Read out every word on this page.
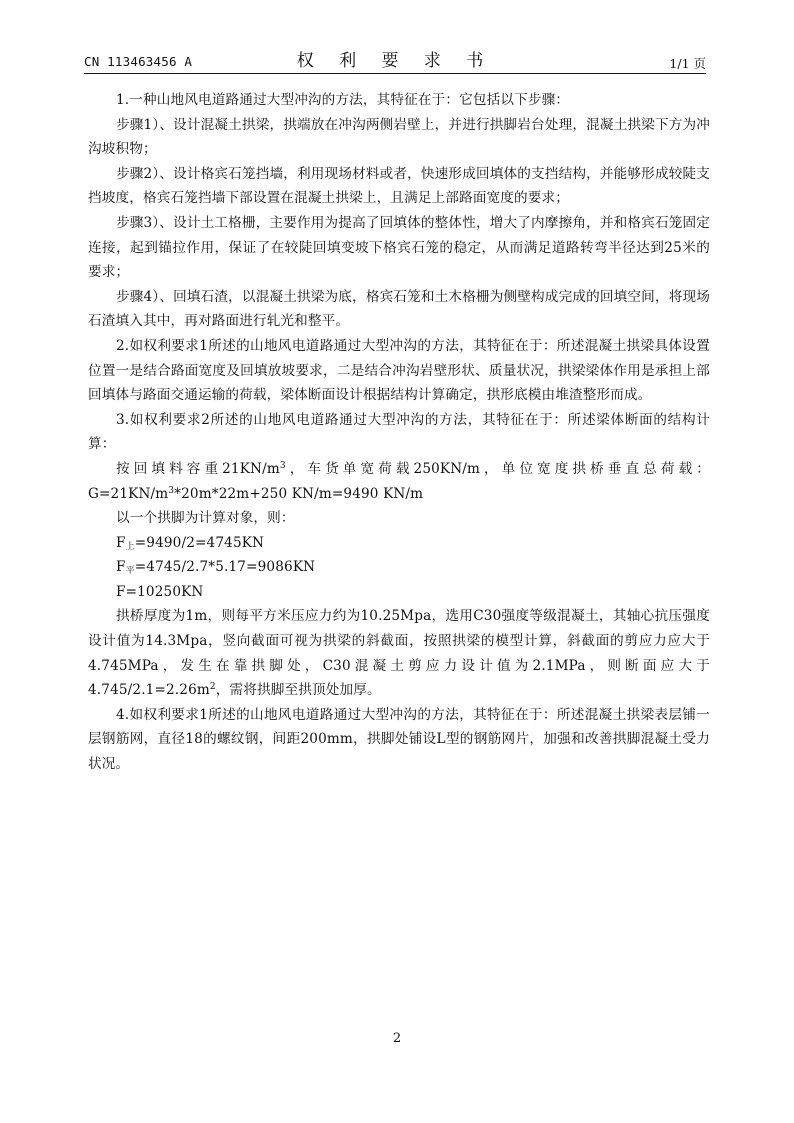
CN 113463456 A	权 利 要 求 书	1/1 页

1.一种山地风电道路通过大型冲沟的方法，其特征在于：它包括以下步骤：

步骤1）、设计混凝土拱梁，拱端放在冲沟两侧岩壁上，并进行拱脚岩台处理，混凝土拱梁下方为冲沟坡积物；

步骤2）、设计格宾石笼挡墙，利用现场材料或者，快速形成回填体的支挡结构，并能够形成较陡支挡坡度，格宾石笼挡墙下部设置在混凝土拱梁上，且满足上部路面宽度的要求；

步骤3）、设计土工格栅，主要作用为提高了回填体的整体性，增大了内摩擦角，并和格宾石笼固定连接，起到锚拉作用，保证了在较陡回填变坡下格宾石笼的稳定，从而满足道路转弯半径达到25米的要求；

步骤4）、回填石渣，以混凝土拱梁为底，格宾石笼和土木格栅为侧壁构成完成的回填空间，将现场石渣填入其中，再对路面进行轧光和整平。

2.如权利要求1所述的山地风电道路通过大型冲沟的方法，其特征在于：所述混凝土拱梁具体设置位置一是结合路面宽度及回填放坡要求，二是结合冲沟岩壁形状、质量状况，拱梁梁体作用是承担上部回填体与路面交通运输的荷载，梁体断面设计根据结构计算确定，拱形底模由堆渣整形而成。

3.如权利要求2所述的山地风电道路通过大型冲沟的方法，其特征在于：所述梁体断面的结构计算：

按回填料容重$21KN/m^3$，车货单宽荷载250KN/m，单位宽度拱桥垂直总荷载：$G=21KN/m^3*20m*22m+250$ KN/m=9490 KN/m

以一个拱脚为计算对象，则：

$F_上=9490/2=4745KN$

$F_平=4745/2.7*5.17=9086KN$

F=10250KN

拱桥厚度为1m，则每平方米压应力约为10.25Mpa，选用C30强度等级混凝土，其轴心抗压强度设计值为14.3Mpa，竖向截面可视为拱梁的斜截面，按照拱梁的模型计算，斜截面的剪应力应大于4.745MPa，发生在靠拱脚处，C30混凝土剪应力设计值为2.1MPa，则断面应大于$4.745/2.1=2.26m^2$，需将拱脚至拱顶处加厚。

4.如权利要求1所述的山地风电道路通过大型冲沟的方法，其特征在于：所述混凝土拱梁表层铺一层钢筋网，直径18的螺纹钢，间距200mm，拱脚处铺设L型的钢筋网片，加强和改善拱脚混凝土受力状况。

2
